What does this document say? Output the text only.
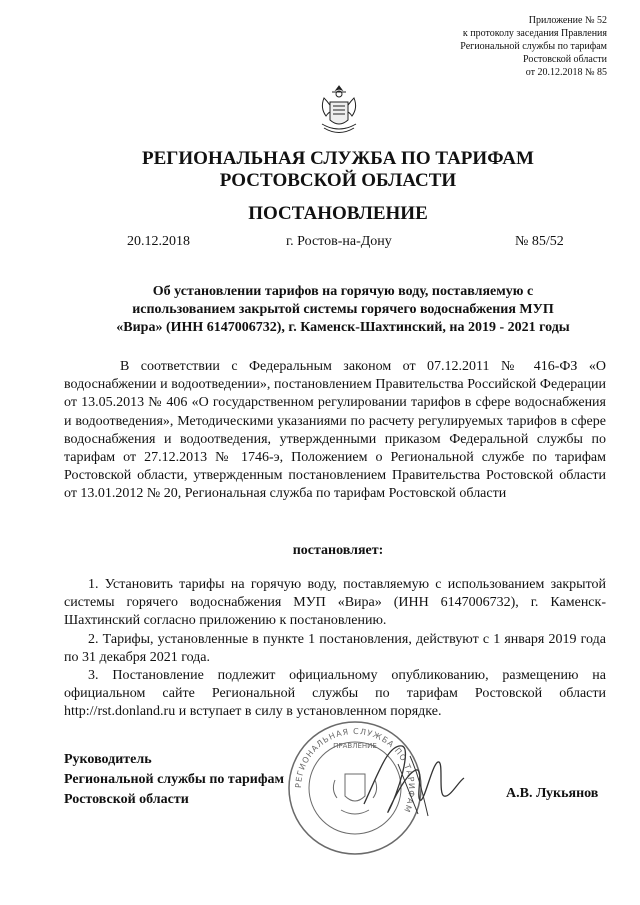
Приложение № 52
к протоколу заседания Правления
Региональной службы по тарифам
Ростовской области
от 20.12.2018 № 85
РЕГИОНАЛЬНАЯ СЛУЖБА ПО ТАРИФАМ
РОСТОВСКОЙ ОБЛАСТИ
ПОСТАНОВЛЕНИЕ
20.12.2018	г. Ростов-на-Дону	№ 85/52
Об установлении тарифов на горячую воду, поставляемую с
использованием закрытой системы горячего водоснабжения МУП
«Вира» (ИНН 6147006732), г. Каменск-Шахтинский, на 2019 - 2021 годы
В соответствии с Федеральным законом от 07.12.2011 № 416-ФЗ «О водоснабжении и водоотведении», постановлением Правительства Российской Федерации от 13.05.2013 № 406 «О государственном регулировании тарифов в сфере водоснабжения и водоотведения», Методическими указаниями по расчету регулируемых тарифов в сфере водоснабжения и водоотведения, утвержденными приказом Федеральной службы по тарифам от 27.12.2013 № 1746-э, Положением о Региональной службе по тарифам Ростовской области, утвержденным постановлением Правительства Ростовской области от 13.01.2012 № 20, Региональная служба по тарифам Ростовской области
постановляет:

1. Установить тарифы на горячую воду, поставляемую с использованием закрытой системы горячего водоснабжения МУП «Вира» (ИНН 6147006732), г. Каменск-Шахтинский согласно приложению к постановлению.

2. Тарифы, установленные в пункте 1 постановления, действуют с 1 января 2019 года по 31 декабря 2021 года.

3. Постановление подлежит официальному опубликованию, размещению на официальном сайте Региональной службы по тарифам Ростовской области http://rst.donland.ru и вступает в силу в установленном порядке.

РЕГИОНАЛЬНАЯ СЛУЖБА ПО ТАРИФАМ
ПРАВЛЕНИЕ
Руководитель
Региональной службы по тарифам
Ростовской области	А.В. Лукьянов
